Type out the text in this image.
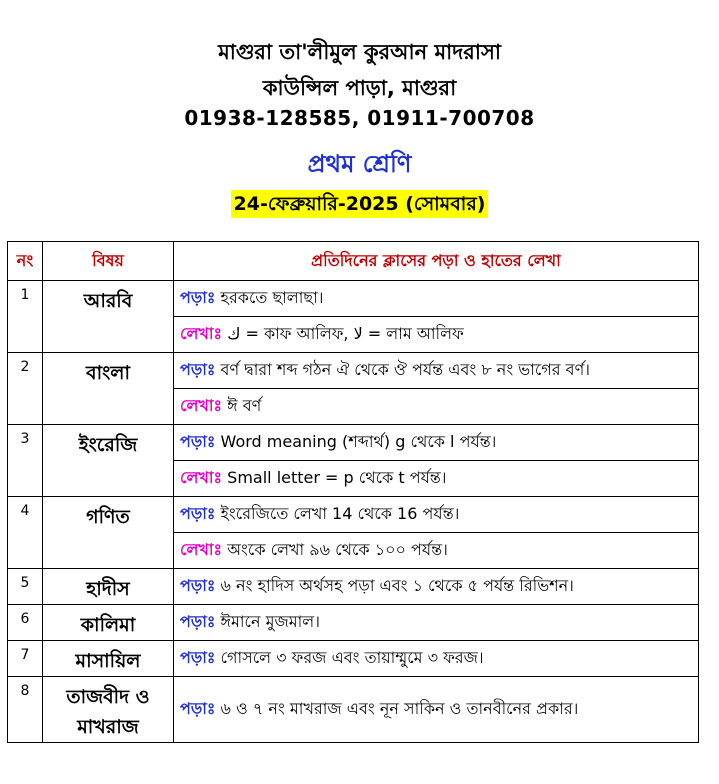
মাগুরা তা'লীমুল কুরআন মাদরাসা
কাউন্সিল পাড়া, মাগুরা
01938-128585, 01911-700708
প্রথম শ্রেণি
24-ফেব্রুয়ারি-2025 (সোমবার)
নং	বিষয়	প্রতিদিনের ক্লাসের পড়া ও হাতের লেখা
1	আরবি	পড়াঃ হরকতে ছালাছা।
		লেখাঃ ك = কাফ আলিফ, لا = লাম আলিফ
2	বাংলা	পড়াঃ বর্ণ দ্বারা শব্দ গঠন ঐ থেকে ঔ পর্যন্ত এবং ৮ নং ভাগের বর্ণ।
		লেখাঃ ঈ বর্ণ
3	ইংরেজি	পড়াঃ Word meaning (শব্দার্থ) g থেকে l পর্যন্ত।
		লেখাঃ Small letter = p থেকে t পর্যন্ত।
4	গণিত	পড়াঃ ইংরেজিতে লেখা 14 থেকে 16 পর্যন্ত।
		লেখাঃ অংকে লেখা ৯৬ থেকে ১০০ পর্যন্ত।
5	হাদীস	পড়াঃ ৬ নং হাদিস অর্থসহ পড়া এবং ১ থেকে ৫ পর্যন্ত রিভিশন।
6	কালিমা	পড়াঃ ঈমানে মুজমাল।
7	মাসায়িল	পড়াঃ গোসলে ৩ ফরজ এবং তায়াম্মুমে ৩ ফরজ।
8	তাজবীদ ও মাখরাজ	পড়াঃ ৬ ও ৭ নং মাখরাজ এবং নূন সাকিন ও তানবীনের প্রকার।
